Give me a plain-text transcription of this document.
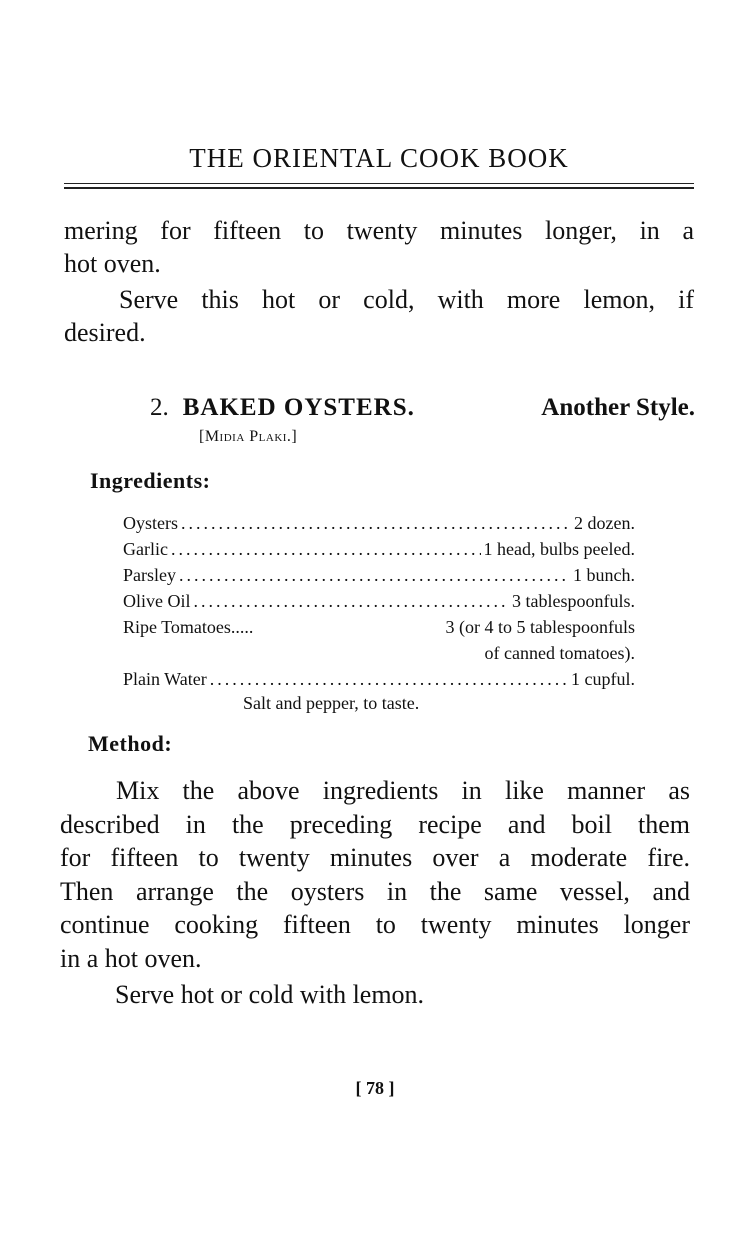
THE ORIENTAL COOK BOOK
mering for fifteen to twenty minutes longer, in a
hot oven.
Serve this hot or cold, with more lemon, if
desired.
2. BAKED OYSTERS.	Another Style.
[Midia Plaki.]
Ingredients:
Oysters .....	2 dozen.
Garlic .....	1 head, bulbs peeled.
Parsley .....	1 bunch.
Olive Oil .....	3 tablespoonfuls.
Ripe Tomatoes.....	3 (or 4 to 5 tablespoonfuls
of canned tomatoes).
Plain Water .....	1 cupful.
Salt and pepper, to taste.
Method:
Mix the above ingredients in like manner as
described in the preceding recipe and boil them
for fifteen to twenty minutes over a moderate fire.
Then arrange the oysters in the same vessel, and
continue cooking fifteen to twenty minutes longer
in a hot oven.
Serve hot or cold with lemon.
[ 78 ]
